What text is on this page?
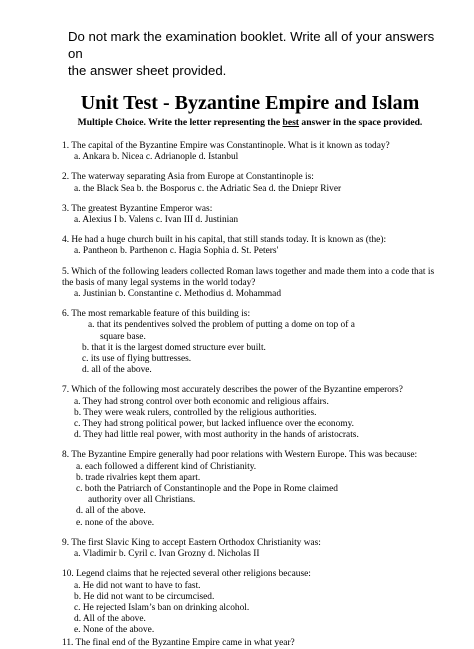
Do not mark the examination booklet. Write all of your answers on
the answer sheet provided.
Unit Test - Byzantine Empire and Islam
Multiple Choice. Write the letter representing the best answer in the space provided.
1. The capital of the Byzantine Empire was Constantinople. What is it known as today?
a. Ankara b. Nicea c. Adrianople d. Istanbul
2. The waterway separating Asia from Europe at Constantinople is:
a. the Black Sea b. the Bosporus c. the Adriatic Sea d. the Dniepr River
3. The greatest Byzantine Emperor was:
a. Alexius I b. Valens c. Ivan III d. Justinian
4. He had a huge church built in his capital, that still stands today. It is known as (the):
a. Pantheon b. Parthenon c. Hagia Sophia d. St. Peters'
5. Which of the following leaders collected Roman laws together and made them into a code that is the basis of many legal systems in the world today?
a. Justinian b. Constantine c. Methodius d. Mohammad
6. The most remarkable feature of this building is:
a. that its pendentives solved the problem of putting a dome on top of a
square base.
b. that it is the largest domed structure ever built.
c. its use of flying buttresses.
d. all of the above.
7. Which of the following most accurately describes the power of the Byzantine emperors?
a. They had strong control over both economic and religious affairs.
b. They were weak rulers, controlled by the religious authorities.
c. They had strong political power, but lacked influence over the economy.
d. They had little real power, with most authority in the hands of aristocrats.
8. The Byzantine Empire generally had poor relations with Western Europe. This was because:
a. each followed a different kind of Christianity.
b. trade rivalries kept them apart.
c. both the Patriarch of Constantinople and the Pope in Rome claimed
authority over all Christians.
d. all of the above.
e. none of the above.
9. The first Slavic King to accept Eastern Orthodox Christianity was:
a. Vladimir b. Cyril c. Ivan Grozny d. Nicholas II
10. Legend claims that he rejected several other religions because:
a. He did not want to have to fast.
b. He did not want to be circumcised.
c. He rejected Islam’s ban on drinking alcohol.
d. All of the above.
e. None of the above.
11. The final end of the Byzantine Empire came in what year?
